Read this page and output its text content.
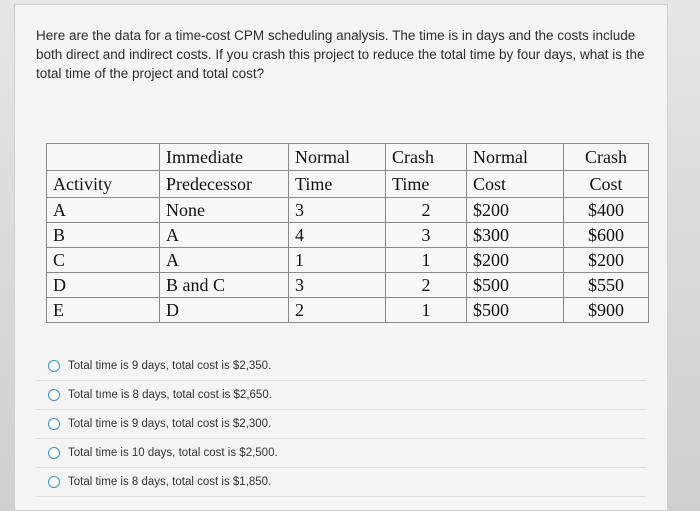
Here are the data for a time-cost CPM scheduling analysis. The time is in days and the costs include both direct and indirect costs. If you crash this project to reduce the total time by four days, what is the total time of the project and total cost?

	Immediate	Normal	Crash	Normal	Crash
Activity	Predecessor	Time	Time	Cost	Cost
A	None	3	2	$200	$400
B	A	4	3	$300	$600
C	A	1	1	$200	$200
D	B and C	3	2	$500	$550
E	D	2	1	$500	$900
Total time is 9 days, total cost is $2,350.
Total tıme is 8 days, total cost is $2,650.
Total time is 9 days, total cost is $2,300.
Total time is 10 days, total cost is $2,500.
Total time is 8 days, total cost is $1,850.
